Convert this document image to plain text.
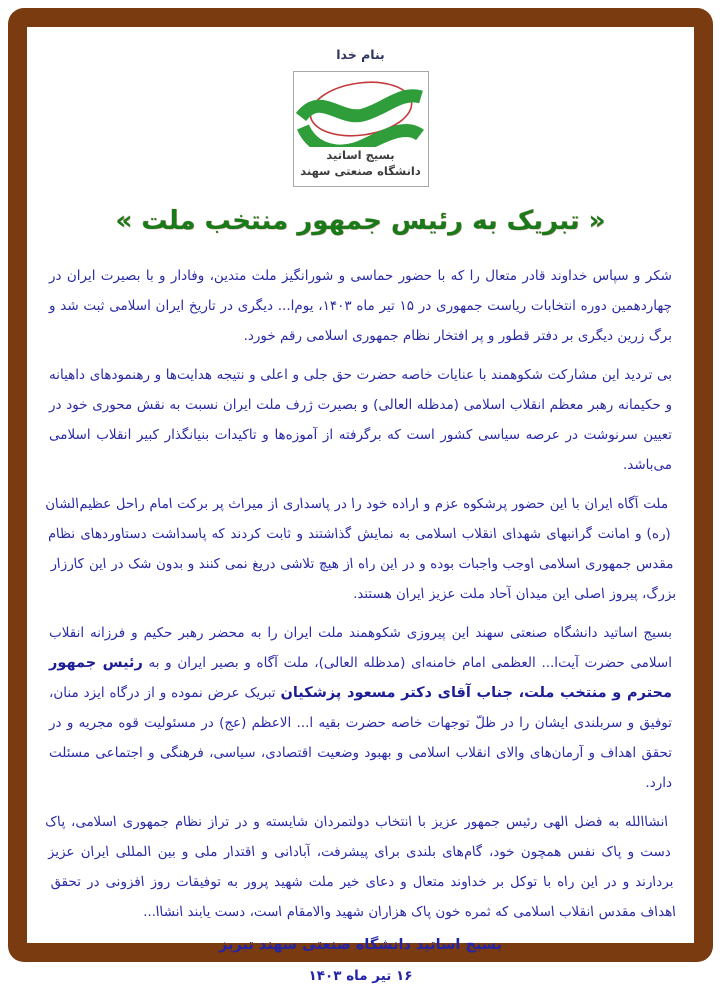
بنام خدا
بسیج اساتید
دانشگاه صنعتی سهند
« تبریک به رئیس جمهور منتخب ملت »

شکر و سپاس خداوند قادر متعال را که با حضور حماسی و شورانگیز ملت متدین، وفادار و با بصیرت ایران در چهاردهمین دوره انتخابات ریاست جمهوری در ۱۵ تیر ماه ۱۴۰۳، یوم‌ا... دیگری در تاریخ ایران اسلامی ثبت شد و برگ زرین دیگری بر دفتر قطور و پر افتخار نظام جمهوری اسلامی رقم خورد.

بی تردید این مشارکت شکوهمند با عنایات خاصه حضرت حق جلی و اعلی و نتیجه هدایت‌ها و رهنمودهای داهیانه و حکیمانه رهبر معظم انقلاب اسلامی (مدظله العالی) و بصیرت ژرف ملت ایران نسبت به نقش محوری خود در تعیین سرنوشت در عرصه سیاسی کشور است که برگرفته از آموزه‌ها و تاکیدات بنیانگذار کبیر انقلاب اسلامی می‌باشد.

ملت آگاه ایران با این حضور پرشکوه عزم و اراده خود را در پاسداری از میراث پر برکت امام راحل عظیم‌الشان (ره) و امانت گرانبهای شهدای انقلاب اسلامی به نمایش گذاشتند و ثابت کردند که پاسداشت دستاوردهای نظام مقدس جمهوری اسلامی اوجب واجبات بوده و در این راه از هیچ تلاشی دریغ نمی کنند و بدون شک در این کارزار بزرگ، پیروز اصلی این میدان آحاد ملت عزیز ایران هستند.

بسیج اساتید دانشگاه صنعتی سهند این پیروزی شکوهمند ملت ایران را به محضر رهبر حکیم و فرزانه انقلاب اسلامی حضرت آیت‌ا... العظمی امام خامنه‌ای (مدظله العالی)، ملت آگاه و بصیر ایران و به رئیس جمهور محترم و منتخب ملت، جناب آقای دکتر مسعود پزشکیان تبریک عرض نموده و از درگاه ایزد منان، توفیق و سربلندی ایشان را در ظلّ توجهات خاصه حضرت بقیه ا... الاعظم (عج) در مسئولیت قوه مجریه و در تحقق اهداف و آرمان‌های والای انقلاب اسلامی و بهبود وضعیت اقتصادی، سیاسی، فرهنگی و اجتماعی مسئلت دارد.

انشاالله به فضل الهی رئیس جمهور عزیز با انتخاب دولتمردان شایسته و در تراز نظام جمهوری اسلامی، پاک دست و پاک نفس همچون خود، گام‌های بلندی برای پیشرفت، آبادانی و اقتدار ملی و بین المللی ایران عزیز بردارند و در این راه با توکل بر خداوند متعال و دعای خیر ملت شهید پرور به توفیقات روز افزونی در تحقق اهداف مقدس انقلاب اسلامی که ثمره خون پاک هزاران شهید والامقام است، دست یابند انشاا...

بسیج اساتید دانشگاه صنعتی سهند تبریز
۱۶ تیر ماه ۱۴۰۳
